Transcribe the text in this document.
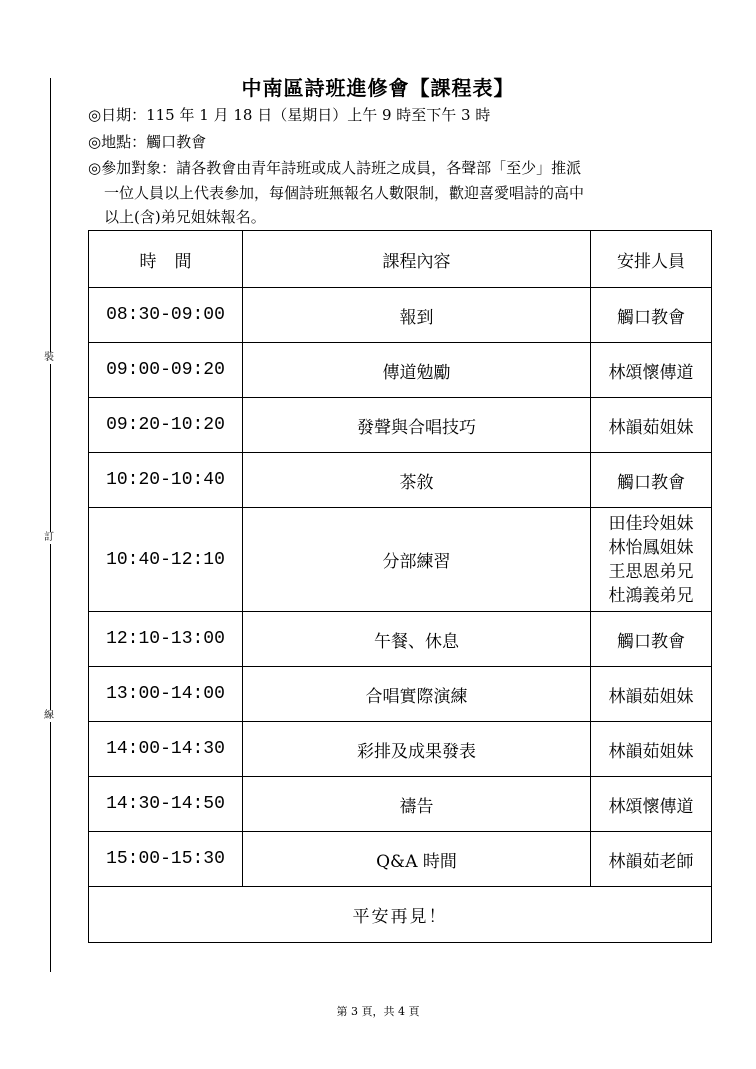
裝
訂
線
中南區詩班進修會【課程表】
◎日期：115 年 1 月 18 日（星期日）上午 9 時至下午 3 時
◎地點：觸口教會
◎參加對象：請各教會由青年詩班或成人詩班之成員，各聲部「至少」推派
一位人員以上代表參加，每個詩班無報名人數限制，歡迎喜愛唱詩的高中
以上(含)弟兄姐妹報名。
時間	課程內容	安排人員
08:30-09:00	報到	觸口教會
09:00-09:20	傳道勉勵	林頌懷傳道
09:20-10:20	發聲與合唱技巧	林韻茹姐妹
10:20-10:40	茶敘	觸口教會
10:40-12:10	分部練習	田佳玲姐妹
林怡鳳姐妹
王思恩弟兄
杜鴻義弟兄

12:10-13:00	午餐、休息	觸口教會
13:00-14:00	合唱實際演練	林韻茹姐妹
14:00-14:30	彩排及成果發表	林韻茹姐妹
14:30-14:50	禱告	林頌懷傳道
15:00-15:30	Q&A 時間	林韻茹老師
平安再見！		
第 3 頁，共 4 頁
